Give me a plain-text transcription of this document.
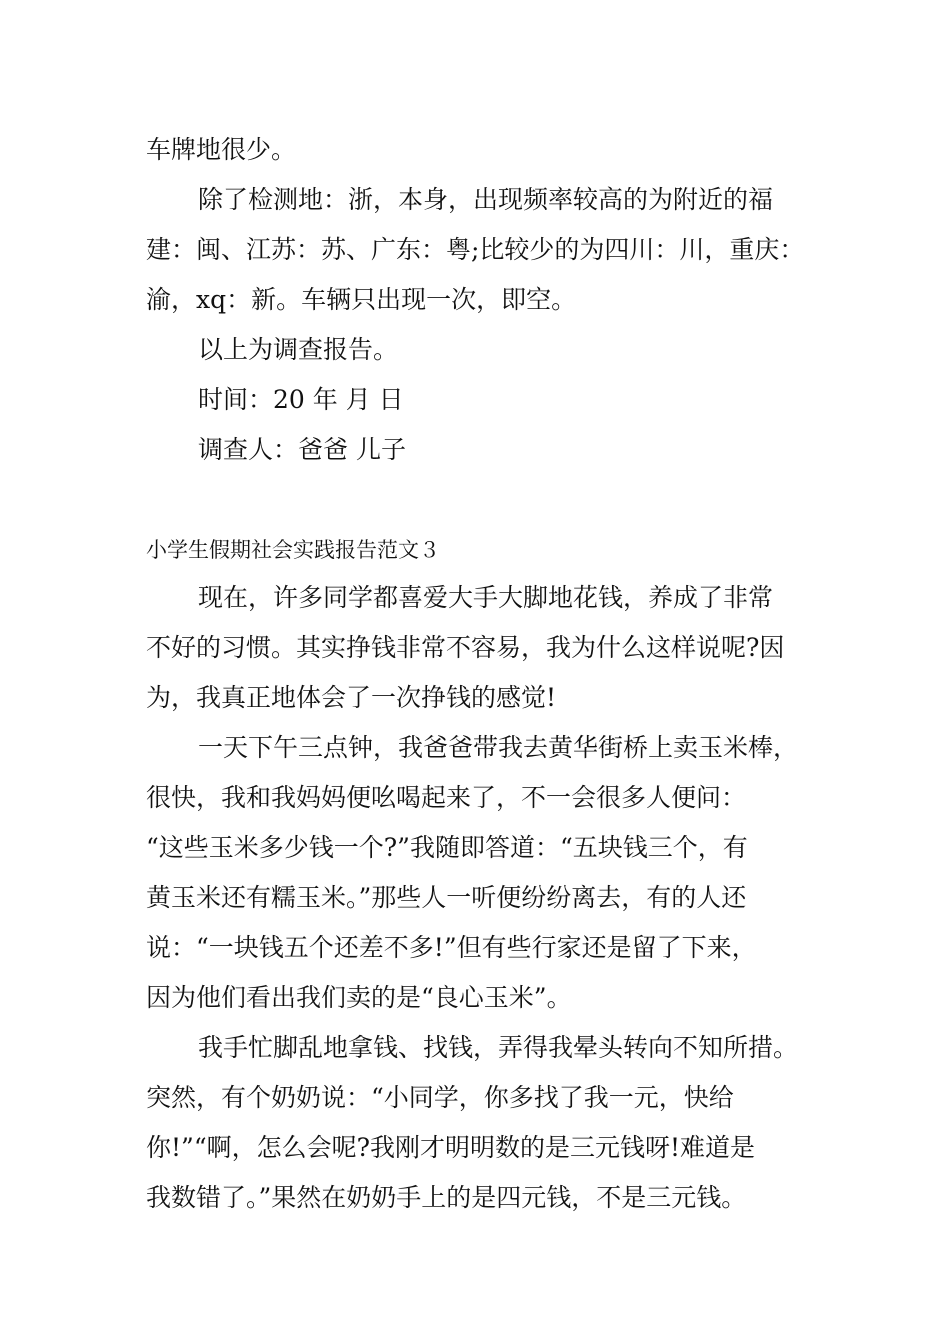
车牌地很少。
除了检测地：浙，本身，出现频率较高的为附近的福
建：闽、江苏：苏、广东：粤;比较少的为四川：川，重庆：
渝，xq：新。车辆只出现一次，即空。
以上为调查报告。
时间：20 年 月 日
调查人：爸爸 儿子
小学生假期社会实践报告范文３
现在，许多同学都喜爱大手大脚地花钱，养成了非常
不好的习惯。其实挣钱非常不容易，我为什么这样说呢?因
为，我真正地体会了一次挣钱的感觉!
一天下午三点钟，我爸爸带我去黄华街桥上卖玉米棒，
很快，我和我妈妈便吆喝起来了，不一会很多人便问：
“这些玉米多少钱一个?”我随即答道：“五块钱三个，有
黄玉米还有糯玉米。”那些人一听便纷纷离去，有的人还
说：“一块钱五个还差不多!”但有些行家还是留了下来，
因为他们看出我们卖的是“良心玉米”。
我手忙脚乱地拿钱、找钱，弄得我晕头转向不知所措。
突然，有个奶奶说：“小同学，你多找了我一元，快给
你!”“啊，怎么会呢?我刚才明明数的是三元钱呀!难道是
我数错了。”果然在奶奶手上的是四元钱，不是三元钱。
